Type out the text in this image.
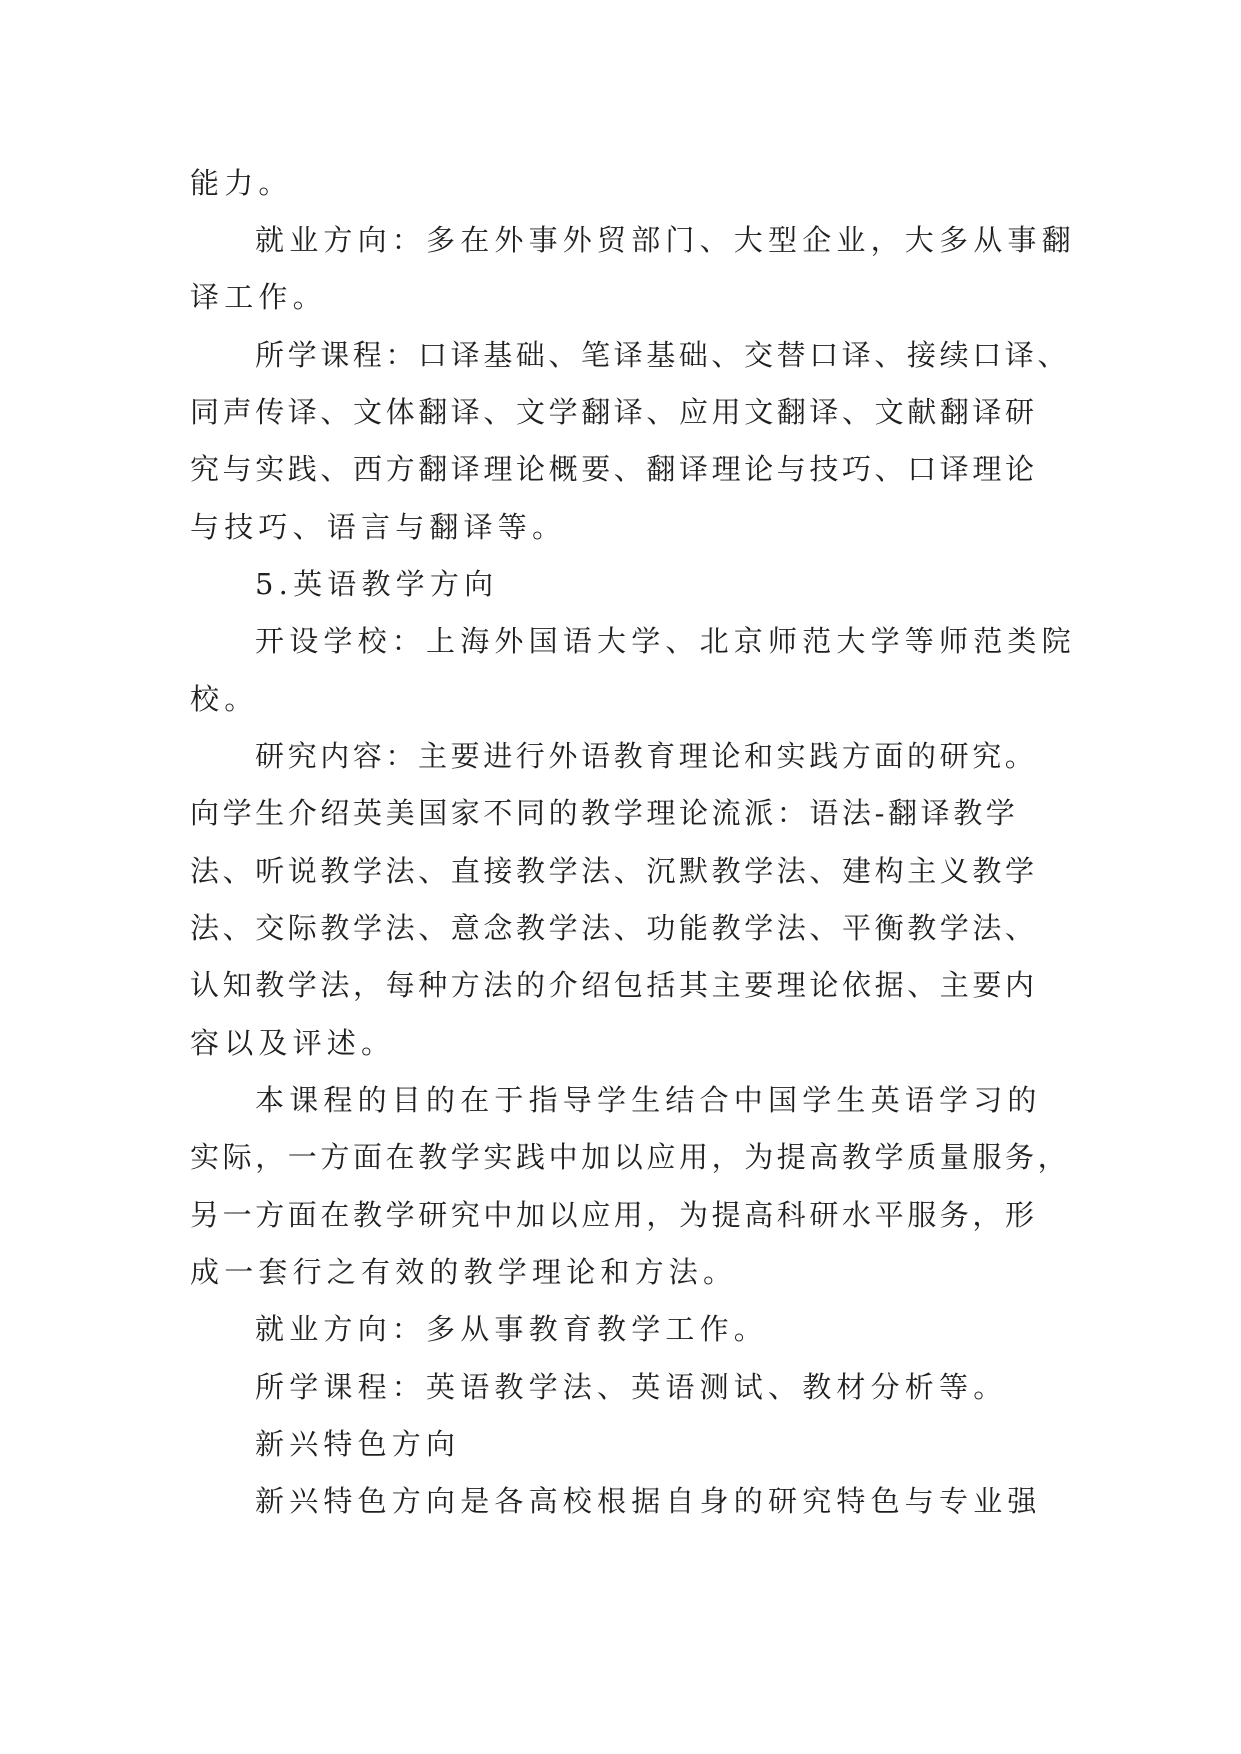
能力。
就业方向：多在外事外贸部门、大型企业，大多从事翻
译工作。
所学课程：口译基础、笔译基础、交替口译、接续口译、
同声传译、文体翻译、文学翻译、应用文翻译、文献翻译研
究与实践、西方翻译理论概要、翻译理论与技巧、口译理论
与技巧、语言与翻译等。
5.英语教学方向
开设学校：上海外国语大学、北京师范大学等师范类院
校。
研究内容：主要进行外语教育理论和实践方面的研究。
向学生介绍英美国家不同的教学理论流派：语法-翻译教学
法、听说教学法、直接教学法、沉默教学法、建构主义教学
法、交际教学法、意念教学法、功能教学法、平衡教学法、
认知教学法，每种方法的介绍包括其主要理论依据、主要内
容以及评述。
本课程的目的在于指导学生结合中国学生英语学习的
实际，一方面在教学实践中加以应用，为提高教学质量服务，
另一方面在教学研究中加以应用，为提高科研水平服务，形
成一套行之有效的教学理论和方法。
就业方向：多从事教育教学工作。
所学课程：英语教学法、英语测试、教材分析等。
新兴特色方向
新兴特色方向是各高校根据自身的研究特色与专业强
